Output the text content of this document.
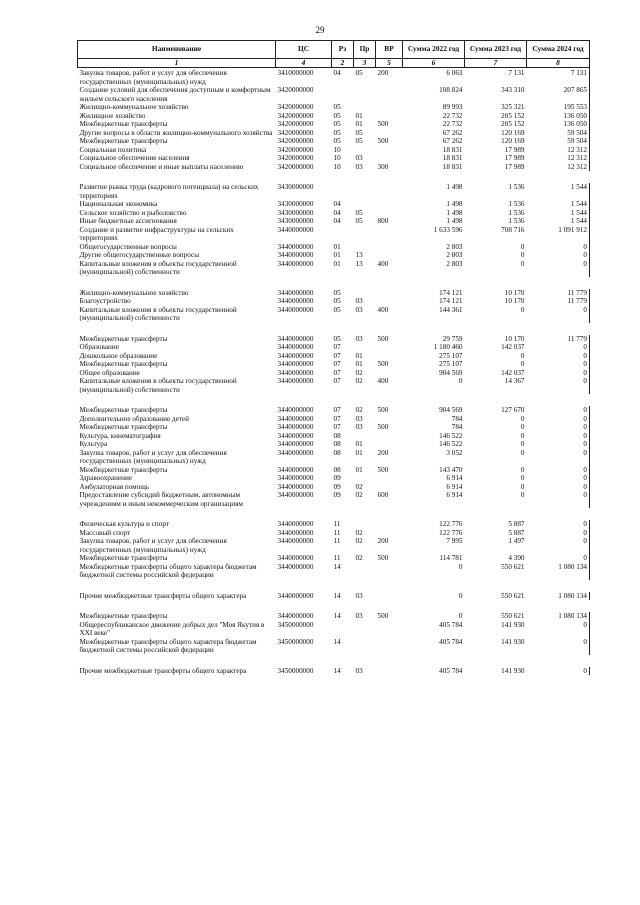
29
Наименование	ЦС	Рз	Пр	ВР	Сумма 2022 год	Сумма 2023 год	Сумма 2024 год
1	4	2	3	5	6	7	8
Закупка товаров, работ и услуг для обеспечения государственных (муниципальных) нужд	3410000000	04	05	200	6 063	7 131	7 131
Создание условий для обеспечения доступным и комфортным жильем сельского населения	3420000000				108 824	343 310	207 865
Жилищно-коммунальное хозяйство	3420000000	05			89 993	325 321	195 553
Жилищное хозяйство	3420000000	05	01		22 732	205 152	136 050
Межбюджетные трансферты	3420000000	05	01	500	22 732	205 152	136 050
Другие вопросы в области жилищно-коммунального хозяйства	3420000000	05	05		67 262	120 169	59 504
Межбюджетные трансферты	3420000000	05	05	500	67 262	120 169	59 504
Социальная политика	3420000000	10			18 831	17 989	12 312
Социальное обеспечение населения	3420000000	10	03		18 831	17 989	12 312
Социальное обеспечение и иные выплаты населению	3420000000	10	03	300	18 831	17 989	12 312

Развитие рынка труда (кадрового потенциала) на сельских территориях	3430000000				1 498	1 536	1 544
Национальная экономика	3430000000	04			1 498	1 536	1 544
Сельское хозяйство и рыболовство	3430000000	04	05		1 498	1 536	1 544
Иные бюджетные ассигнования	3430000000	04	05	800	1 498	1 536	1 544
Создание и развитие инфраструктуры на сельских территориях	3440000000				1 633 596	708 716	1 091 912
Общегосударственные вопросы	3440000000	01			2 803	0	0
Другие общегосударственные вопросы	3440000000	01	13		2 803	0	0
Капитальные вложения в объекты государственной (муниципальной) собственности	3440000000	01	13	400	2 803	0	0

Жилищно-коммунальное хозяйство	3440000000	05			174 121	10 170	11 779
Благоустройство	3440000000	05	03		174 121	10 170	11 779
Капитальные вложения в объекты государственной (муниципальной) собственности	3440000000	05	03	400	144 361	0	0

Межбюджетные трансферты	3440000000	05	03	500	29 759	10 170	11 779
Образование	3440000000	07			1 180 460	142 037	0
Дошкольное образование	3440000000	07	01		275 107	0	0
Межбюджетные трансферты	3440000000	07	01	500	275 107	0	0
Общее образование	3440000000	07	02		904 569	142 037	0
Капитальные вложения в объекты государственной (муниципальной) собственности	3440000000	07	02	400	0	14 367	0

Межбюджетные трансферты	3440000000	07	02	500	904 569	127 670	0
Дополнительное образование детей	3440000000	07	03		784	0	0
Межбюджетные трансферты	3440000000	07	03	500	784	0	0
Культура, кинематография	3440000000	08			146 522	0	0
Культура	3440000000	08	01		146 522	0	0
Закупка товаров, работ и услуг для обеспечения государственных (муниципальных) нужд	3440000000	08	01	200	3 052	0	0
Межбюджетные трансферты	3440000000	08	01	500	143 470	0	0
Здравоохранение	3440000000	09			6 914	0	0
Амбулаторная помощь	3440000000	09	02		6 914	0	0
Предоставление субсидий бюджетным, автономным учреждениям и иным некоммерческим организациям	3440000000	09	02	600	6 914	0	0

Физическая культура и спорт	3440000000	11			122 776	5 887	0
Массовый спорт	3440000000	11	02		122 776	5 887	0
Закупка товаров, работ и услуг для обеспечения государственных (муниципальных) нужд	3440000000	11	02	200	7 995	1 497	0
Межбюджетные трансферты	3440000000	11	02	500	114 781	4 390	0
Межбюджетные трансферты общего характера бюджетам бюджетной системы российской федерации	3440000000	14			0	550 621	1 080 134

Прочие межбюджетные трансферты общего характера	3440000000	14	03		0	550 621	1 080 134

Межбюджетные трансферты	3440000000	14	03	500	0	550 621	1 080 134
Общереспубликанское движение добрых дел "Моя Якутия в XXI веке"	3450000000				405 784	141 930	0
Межбюджетные трансферты общего характера бюджетам бюджетной системы российской федерации	3450000000	14			405 784	141 930	0

Прочие межбюджетные трансферты общего характера	3450000000	14	03		405 784	141 930	0
